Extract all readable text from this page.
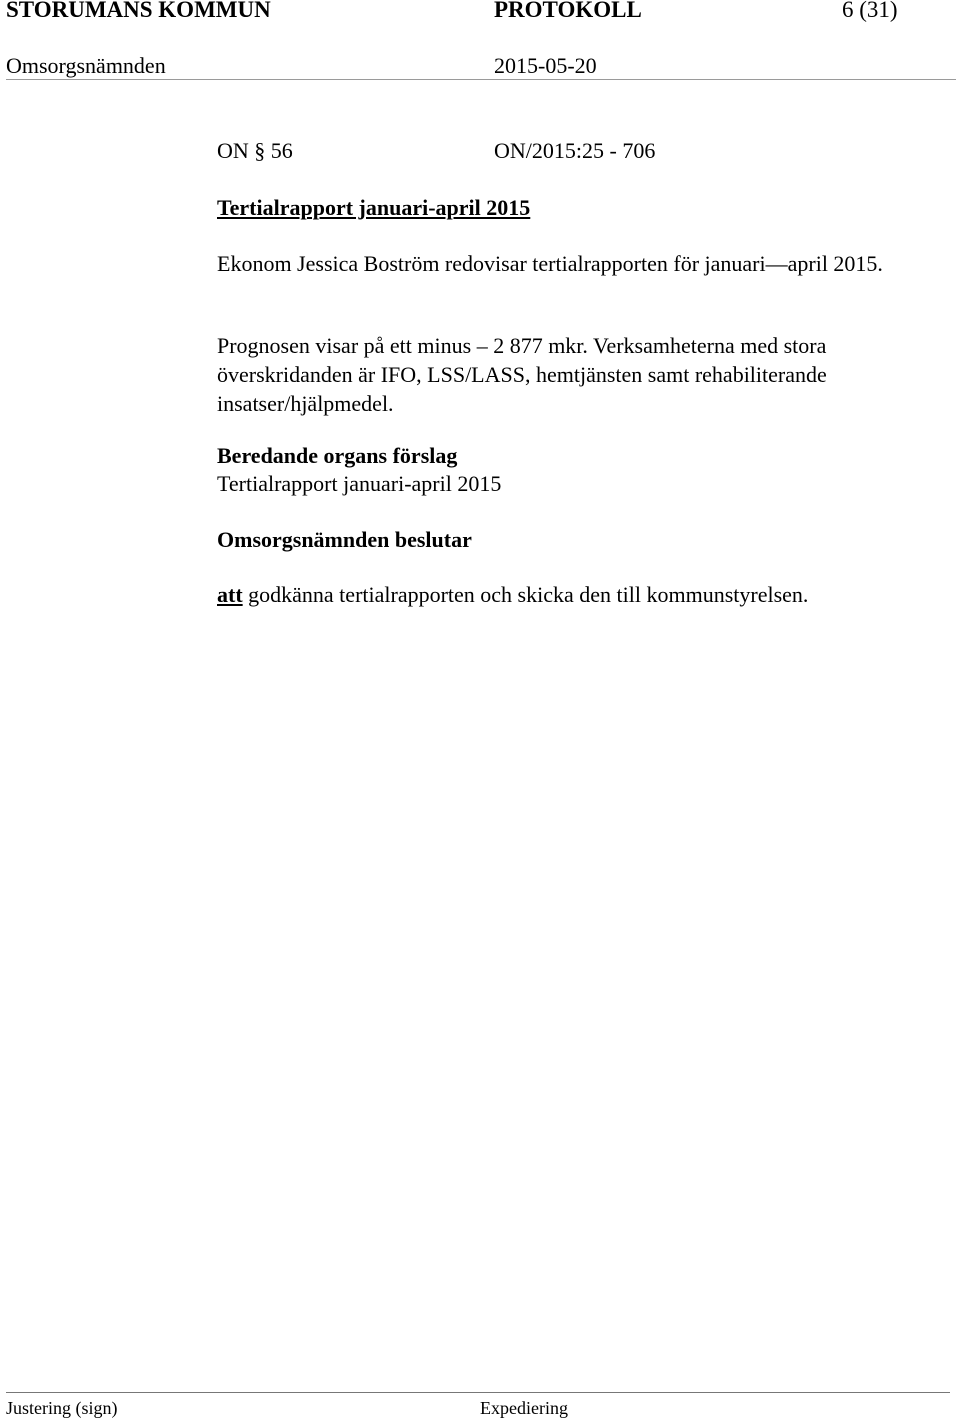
STORUMANS KOMMUN	PROTOKOLL	6 (31)
Omsorgsnämnden	2015-05-20
ON § 56	ON/2015:25 - 706
Tertialrapport januari-april 2015
Ekonom Jessica Boström redovisar tertialrapporten för januari—april 2015.
Prognosen visar på ett minus – 2 877 mkr. Verksamheterna med stora överskridanden är IFO, LSS/LASS, hemtjänsten samt rehabiliterande insatser/hjälpmedel.
Beredande organs förslag
Tertialrapport januari-april 2015
Omsorgsnämnden beslutar
att godkänna tertialrapporten och skicka den till kommunstyrelsen.
Justering (sign)	Expediering
